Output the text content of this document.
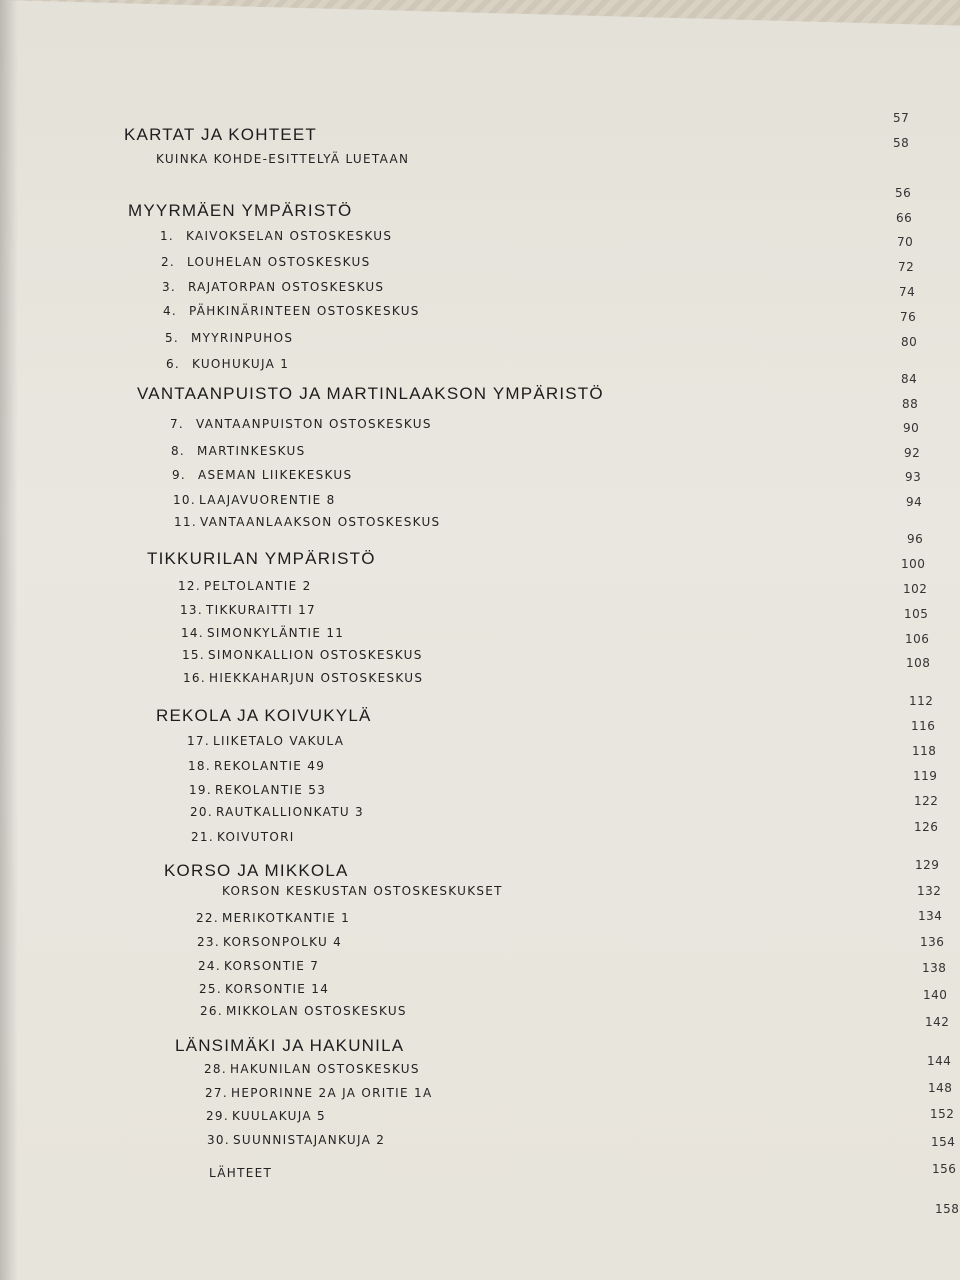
KARTAT JA KOHTEET
KUINKA KOHDE-ESITTELYÄ LUETAAN
MYYRMÄEN YMPÄRISTÖ
1. KAIVOKSELAN OSTOSKESKUS
2. LOUHELAN OSTOSKESKUS
3. RAJATORPAN OSTOSKESKUS
4. PÄHKINÄRINTEEN OSTOSKESKUS
5. MYYRINPUHOS
6. KUOHUKUJA 1
VANTAANPUISTO JA MARTINLAAKSON YMPÄRISTÖ
7. VANTAANPUISTON OSTOSKESKUS
8. MARTINKESKUS
9. ASEMAN LIIKEKESKUS
10. LAAJAVUORENTIE 8
11. VANTAANLAAKSON OSTOSKESKUS
TIKKURILAN YMPÄRISTÖ
12. PELTOLANTIE 2
13. TIKKURAITTI 17
14. SIMONKYLÄNTIE 11
15. SIMONKALLION OSTOSKESKUS
16. HIEKKAHARJUN OSTOSKESKUS
REKOLA JA KOIVUKYLÄ
17. LIIKETALO VAKULA
18. REKOLANTIE 49
19. REKOLANTIE 53
20. RAUTKALLIONKATU 3
21. KOIVUTORI
KORSO JA MIKKOLA
KORSON KESKUSTAN OSTOSKESKUKSET
22. MERIKOTKANTIE 1
23. KORSONPOLKU 4
24. KORSONTIE 7
25. KORSONTIE 14
26. MIKKOLAN OSTOSKESKUS
LÄNSIMÄKI JA HAKUNILA
28. HAKUNILAN OSTOSKESKUS
27. HEPORINNE 2A JA ORITIE 1A
29. KUULAKUJA 5
30. SUUNNISTAJANKUJA 2
LÄHTEET
57
58
56
66
70
72
74
76
80
84
88
90
92
93
94
96
100
102
105
106
108
112
116
118
119
122
126
129
132
134
136
138
140
142
144
148
152
154
156
158
